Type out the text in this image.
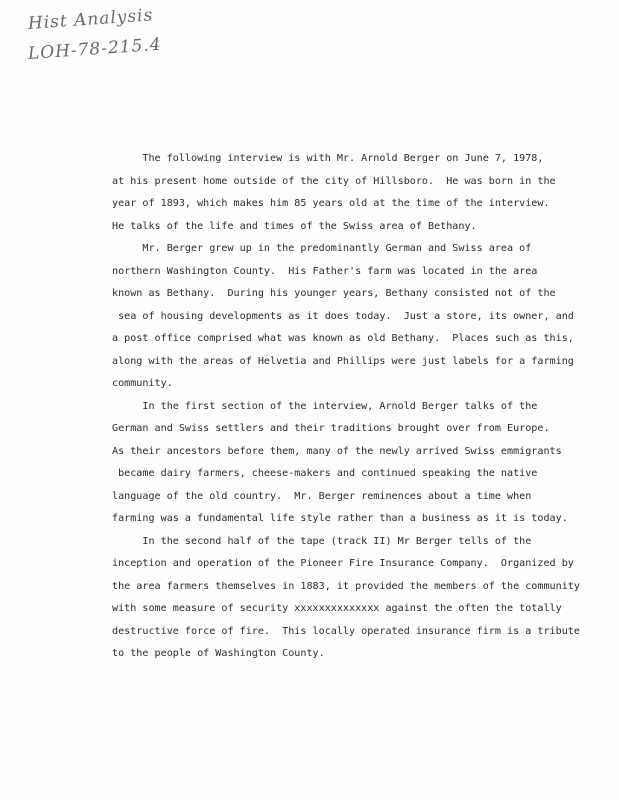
Hist Analysis
LOH-78-215.4
The following interview is with Mr. Arnold Berger on June 7, 1978,
at his present home outside of the city of Hillsboro.  He was born in the
year of 1893, which makes him 85 years old at the time of the interview.
He talks of the life and times of the Swiss area of Bethany.
Mr. Berger grew up in the predominantly German and Swiss area of
northern Washington County.  His Father's farm was located in the area
known as Bethany.  During his younger years, Bethany consisted not of the
sea of housing developments as it does today.  Just a store, its owner, and
a post office comprised what was known as old Bethany.  Places such as this,
along with the areas of Helvetia and Phillips were just labels for a farming
community.
In the first section of the interview, Arnold Berger talks of the
German and Swiss settlers and their traditions brought over from Europe.
As their ancestors before them, many of the newly arrived Swiss emmigrants
became dairy farmers, cheese-makers and continued speaking the native
language of the old country.  Mr. Berger reminences about a time when
farming was a fundamental life style rather than a business as it is today.
In the second half of the tape (track II) Mr Berger tells of the
inception and operation of the Pioneer Fire Insurance Company.  Organized by
the area farmers themselves in 1883, it provided the members of the community
with some measure of security xxxxxxxxxxxxxx against the often the totally
destructive force of fire.  This locally operated insurance firm is a tribute
to the people of Washington County.
